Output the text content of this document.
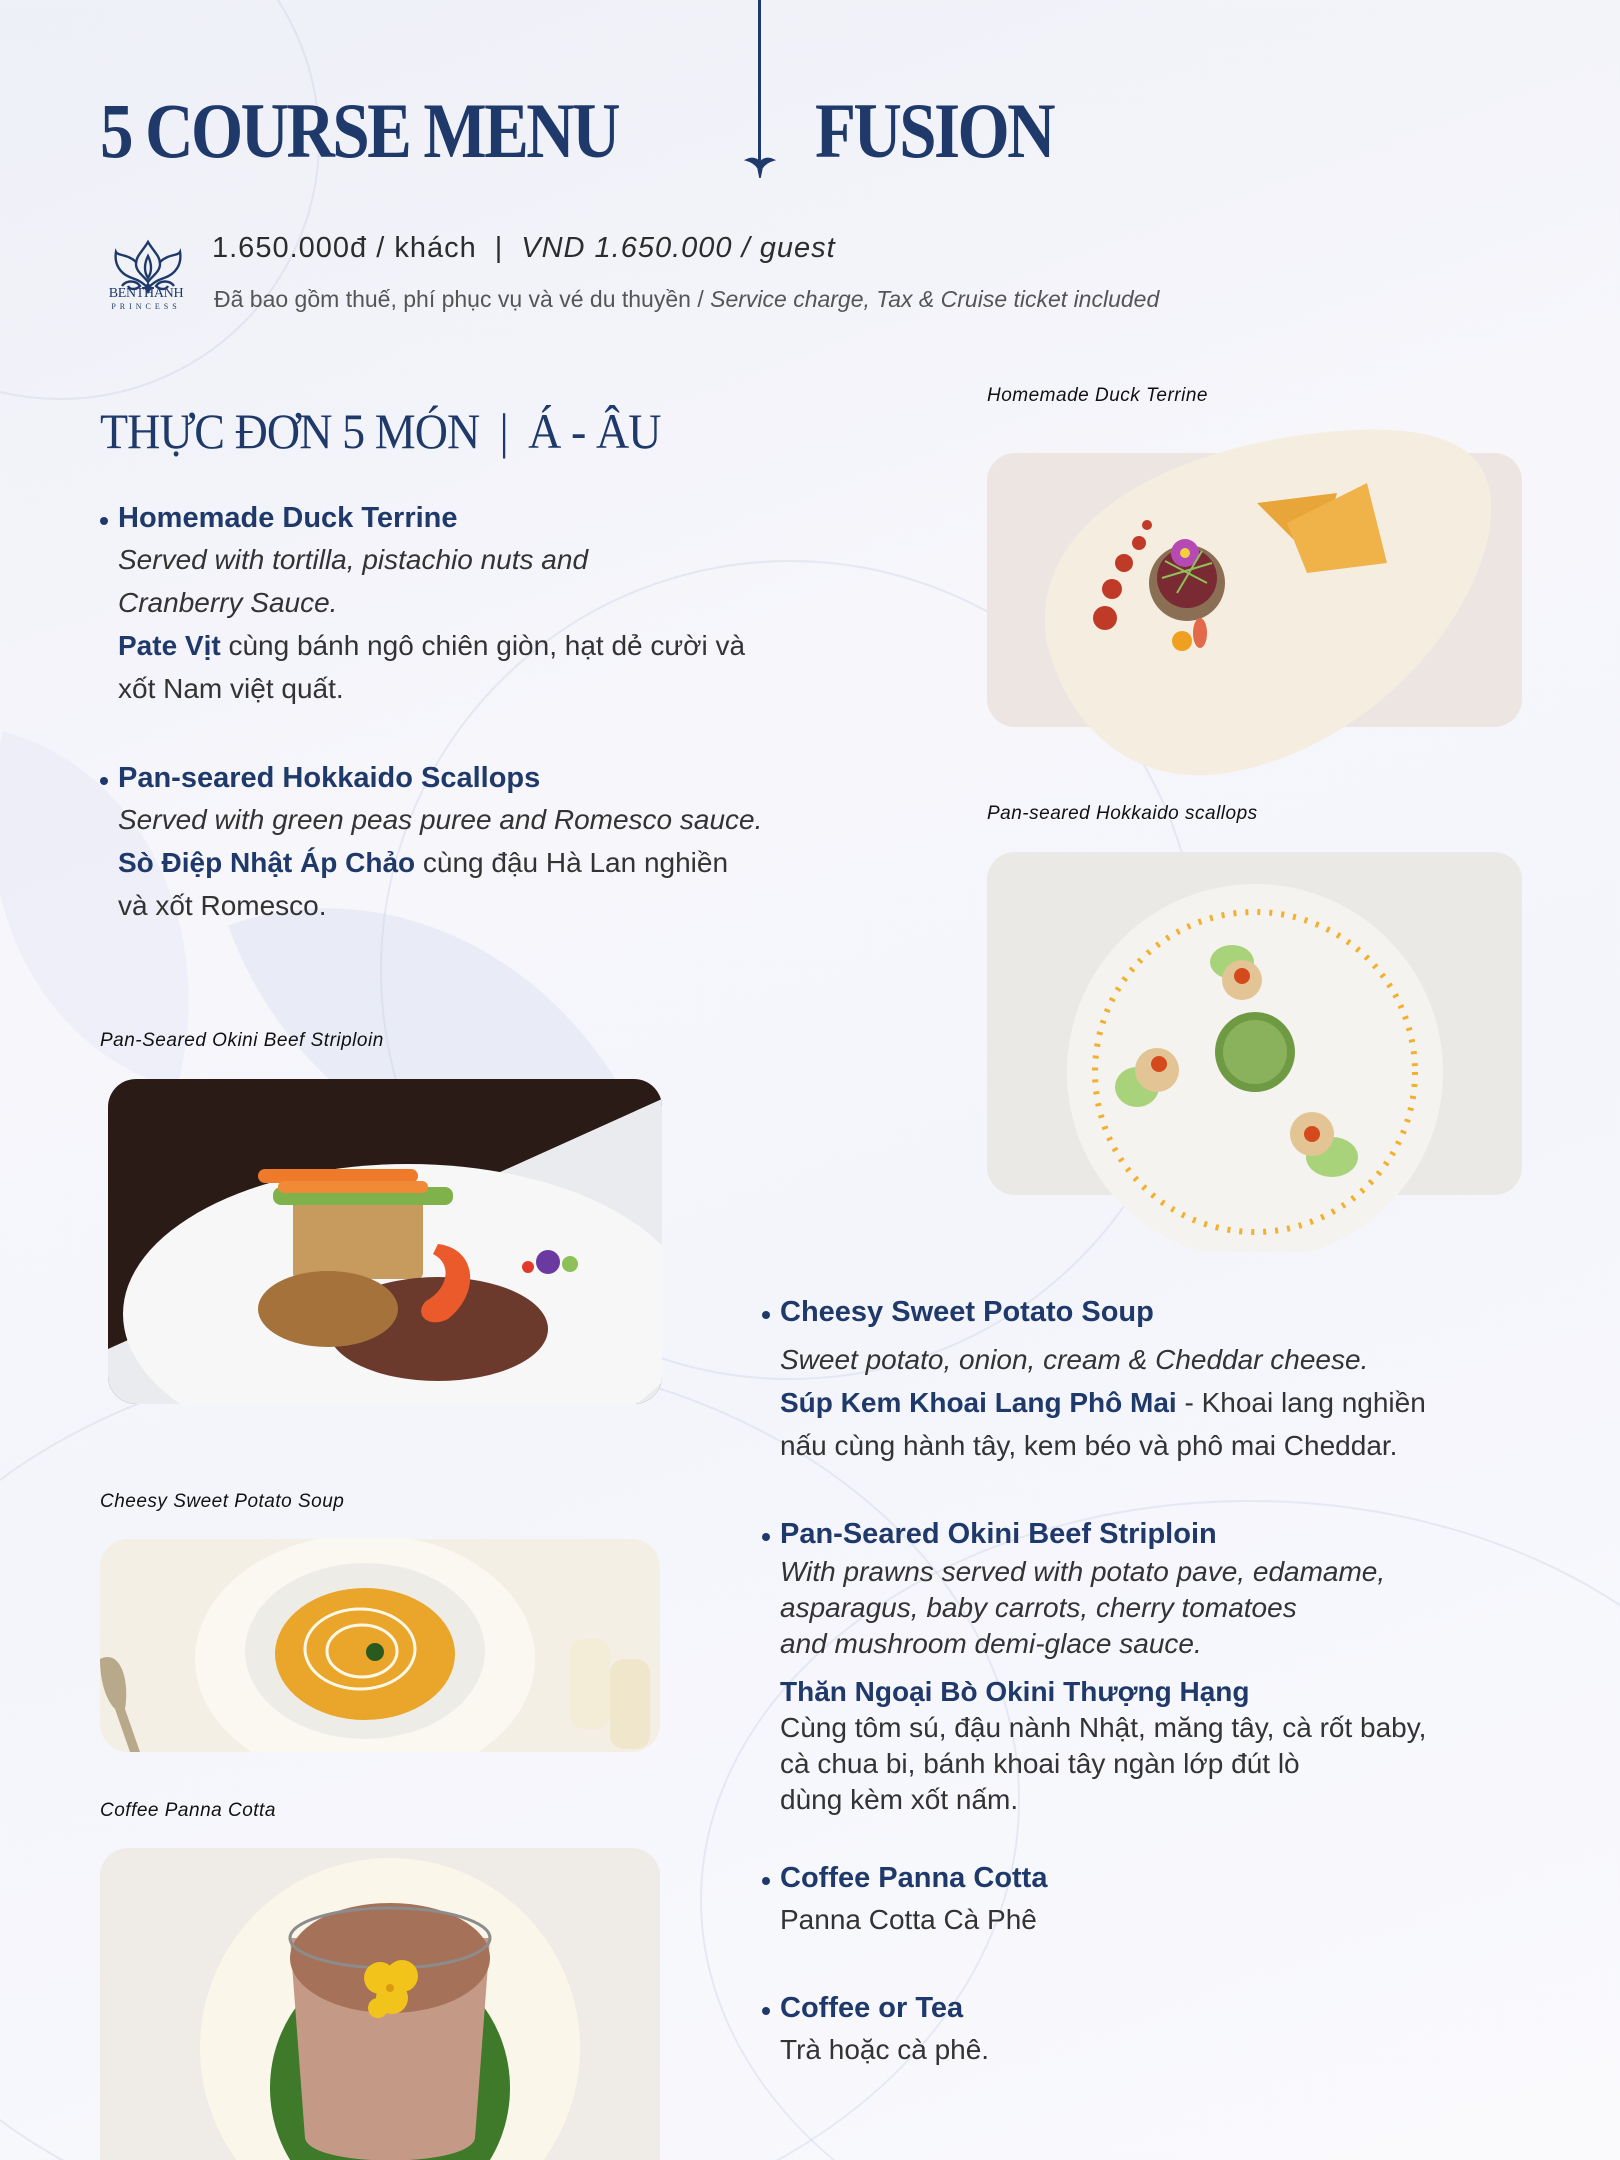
5 COURSE MENU	FUSION
BENTHANH
PRINCESS
1.650.000đ / khách | VND 1.650.000 / guest
Đã bao gồm thuế, phí phục vụ và vé du thuyền / Service charge, Tax & Cruise ticket included
THỰC ĐƠN 5 MÓN | Á - ÂU
Homemade Duck Terrine
Served with tortilla, pistachio nuts and
Cranberry Sauce.
Pate Vịt cùng bánh ngô chiên giòn, hạt dẻ cười và
xốt Nam việt quất.
Pan-seared Hokkaido Scallops
Served with green peas puree and Romesco sauce.
Sò Điệp Nhật Áp Chảo cùng đậu Hà Lan nghiền
và xốt Romesco.
Cheesy Sweet Potato Soup
Sweet potato, onion, cream & Cheddar cheese.
Súp Kem Khoai Lang Phô Mai - Khoai lang nghiền
nấu cùng hành tây, kem béo và phô mai Cheddar.
Pan-Seared Okini Beef Striploin
With prawns served with potato pave, edamame,
asparagus, baby carrots, cherry tomatoes
and mushroom demi-glace sauce.
Thăn Ngoại Bò Okini Thượng Hạng
Cùng tôm sú, đậu nành Nhật, măng tây, cà rốt baby,
cà chua bi, bánh khoai tây ngàn lớp đút lò
dùng kèm xốt nấm.
Coffee Panna Cotta
Panna Cotta Cà Phê
Coffee or Tea
Trà hoặc cà phê.
Homemade Duck Terrine
Pan-seared Hokkaido scallops
Pan-Seared Okini Beef Striploin
Cheesy Sweet Potato Soup
Coffee Panna Cotta
